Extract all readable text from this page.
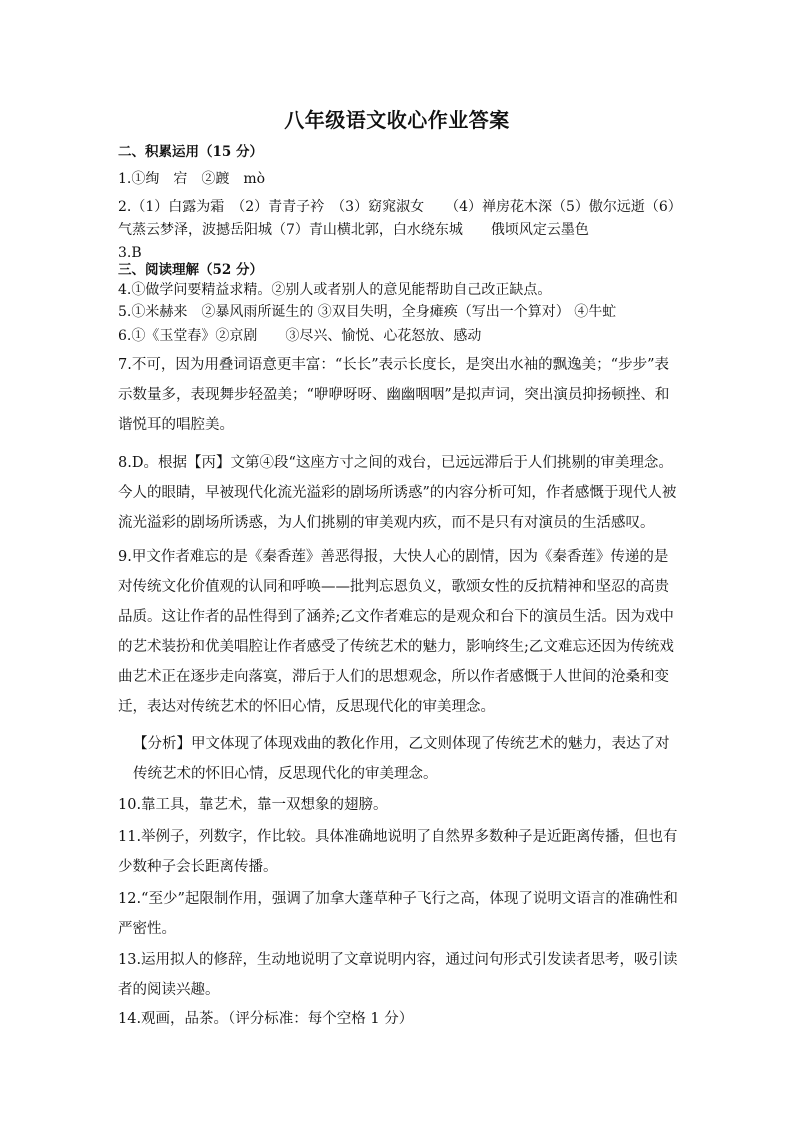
八年级语文收心作业答案
二、积累运用（15 分）
1.①绚　宕　②踱　mò
2.（1）白露为霜　（2）青青子衿　（3）窈窕淑女　　（4）禅房花木深（5）傲尔远逝（6）
气蒸云梦泽，波撼岳阳城（7）青山横北郭，白水绕东城　　俄顷风定云墨色
3.B
三、阅读理解（52 分）
4.①做学问要精益求精。②别人或者别人的意见能帮助自己改正缺点。
5.①米赫来　②暴风雨所诞生的 ③双目失明，全身瘫痪（写出一个算对） ④牛虻
6.①《玉堂春》②京剧　　③尽兴、愉悦、心花怒放、感动
7.不可，因为用叠词语意更丰富：“长长”表示长度长，是突出水袖的飘逸美；“步步”表示数量多，表现舞步轻盈美；“咿咿呀呀、幽幽咽咽”是拟声词，突出演员抑扬顿挫、和谐悦耳的唱腔美。
8.D。根据【丙】文第④段“这座方寸之间的戏台，已远远滞后于人们挑剔的审美理念。今人的眼睛，早被现代化流光溢彩的剧场所诱惑”的内容分析可知，作者感慨于现代人被流光溢彩的剧场所诱惑，为人们挑剔的审美观内疚，而不是只有对演员的生活感叹。
9.甲文作者难忘的是《秦香莲》善恶得报，大快人心的剧情，因为《秦香莲》传递的是对传统文化价值观的认同和呼唤——批判忘恩负义，歌颂女性的反抗精神和坚忍的高贵品质。这让作者的品性得到了涵养;乙文作者难忘的是观众和台下的演员生活。因为戏中的艺术装扮和优美唱腔让作者感受了传统艺术的魅力，影响终生;乙文难忘还因为传统戏曲艺术正在逐步走向落寞，滞后于人们的思想观念，所以作者感慨于人世间的沧桑和变迁，表达对传统艺术的怀旧心情，反思现代化的审美理念。
【分析】甲文体现了体现戏曲的教化作用，乙文则体现了传统艺术的魅力，表达了对传统艺术的怀旧心情，反思现代化的审美理念。
10.靠工具，靠艺术，靠一双想象的翅膀。
11.举例子，列数字，作比较。具体准确地说明了自然界多数种子是近距离传播，但也有少数种子会长距离传播。
12.“至少”起限制作用，强调了加拿大蓬草种子飞行之高，体现了说明文语言的准确性和严密性。
13.运用拟人的修辞，生动地说明了文章说明内容，通过问句形式引发读者思考，吸引读者的阅读兴趣。
14.观画，品茶。（评分标准：每个空格 1 分）
